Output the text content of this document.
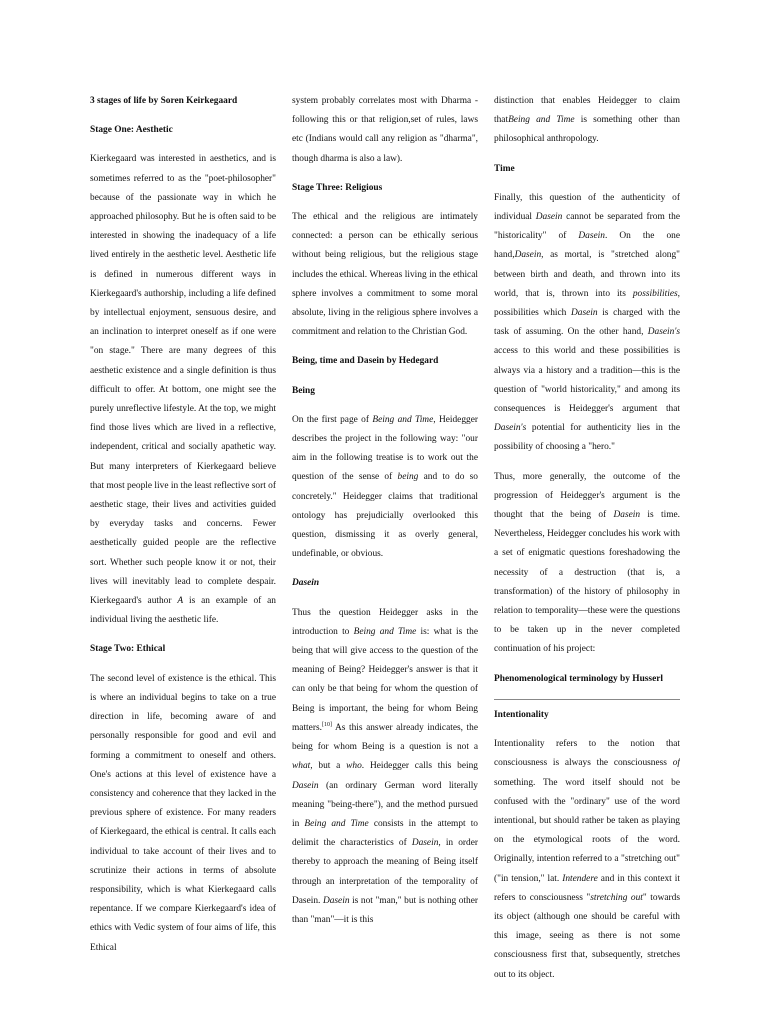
3 stages of life by Soren Keirkegaard
Stage One: Aesthetic

Kierkegaard was interested in aesthetics, and is sometimes referred to as the "poet-philosopher" because of the passionate way in which he approached philosophy. But he is often said to be interested in showing the inadequacy of a life lived entirely in the aesthetic level. Aesthetic life is defined in numerous different ways in Kierkegaard's authorship, including a life defined by intellectual enjoyment, sensuous desire, and an inclination to interpret oneself as if one were "on stage." There are many degrees of this aesthetic existence and a single definition is thus difficult to offer. At bottom, one might see the purely unreflective lifestyle. At the top, we might find those lives which are lived in a reflective, independent, critical and socially apathetic way. But many interpreters of Kierkegaard believe that most people live in the least reflective sort of aesthetic stage, their lives and activities guided by everyday tasks and concerns. Fewer aesthetically guided people are the reflective sort. Whether such people know it or not, their lives will inevitably lead to complete despair. Kierkegaard's author A is an example of an individual living the aesthetic life.

Stage Two: Ethical

The second level of existence is the ethical. This is where an individual begins to take on a true direction in life, becoming aware of and personally responsible for good and evil and forming a commitment to oneself and others. One's actions at this level of existence have a consistency and coherence that they lacked in the previous sphere of existence. For many readers of Kierkegaard, the ethical is central. It calls each individual to take account of their lives and to scrutinize their actions in terms of absolute responsibility, which is what Kierkegaard calls repentance. If we compare Kierkegaard's idea of ethics with Vedic system of four aims of life, this Ethical

system probably correlates most with Dharma - following this or that religion,set of rules, laws etc (Indians would call any religion as "dharma", though dharma is also a law).

Stage Three: Religious

The ethical and the religious are intimately connected: a person can be ethically serious without being religious, but the religious stage includes the ethical. Whereas living in the ethical sphere involves a commitment to some moral absolute, living in the religious sphere involves a commitment and relation to the Christian God.

Being, time and Dasein by Hedegard
Being

On the first page of Being and Time, Heidegger describes the project in the following way: "our aim in the following treatise is to work out the question of the sense of being and to do so concretely." Heidegger claims that traditional ontology has prejudicially overlooked this question, dismissing it as overly general, undefinable, or obvious.

Dasein

Thus the question Heidegger asks in the introduction to Being and Time is: what is the being that will give access to the question of the meaning of Being? Heidegger's answer is that it can only be that being for whom the question of Being is important, the being for whom Being matters.[10] As this answer already indicates, the being for whom Being is a question is not a what, but a who. Heidegger calls this being Dasein (an ordinary German word literally meaning "being-there"), and the method pursued in Being and Time consists in the attempt to delimit the characteristics of Dasein, in order thereby to approach the meaning of Being itself through an interpretation of the temporality of Dasein. Dasein is not "man," but is nothing other than "man"—it is this

distinction that enables Heidegger to claim thatBeing and Time is something other than philosophical anthropology.

Time

Finally, this question of the authenticity of individual Dasein cannot be separated from the "historicality" of Dasein. On the one hand,Dasein, as mortal, is "stretched along" between birth and death, and thrown into its world, that is, thrown into its possibilities, possibilities which Dasein is charged with the task of assuming. On the other hand, Dasein's access to this world and these possibilities is always via a history and a tradition—this is the question of "world historicality," and among its consequences is Heidegger's argument that Dasein's potential for authenticity lies in the possibility of choosing a "hero."

Thus, more generally, the outcome of the progression of Heidegger's argument is the thought that the being of Dasein is time. Nevertheless, Heidegger concludes his work with a set of enigmatic questions foreshadowing the necessity of a destruction (that is, a transformation) of the history of philosophy in relation to temporality—these were the questions to be taken up in the never completed continuation of his project:

Phenomenological terminology by Husserl
Intentionality

Intentionality refers to the notion that consciousness is always the consciousness of something. The word itself should not be confused with the "ordinary" use of the word intentional, but should rather be taken as playing on the etymological roots of the word. Originally, intention referred to a "stretching out" ("in tension," lat. Intendere and in this context it refers to consciousness "stretching out" towards its object (although one should be careful with this image, seeing as there is not some consciousness first that, subsequently, stretches out to its object.
